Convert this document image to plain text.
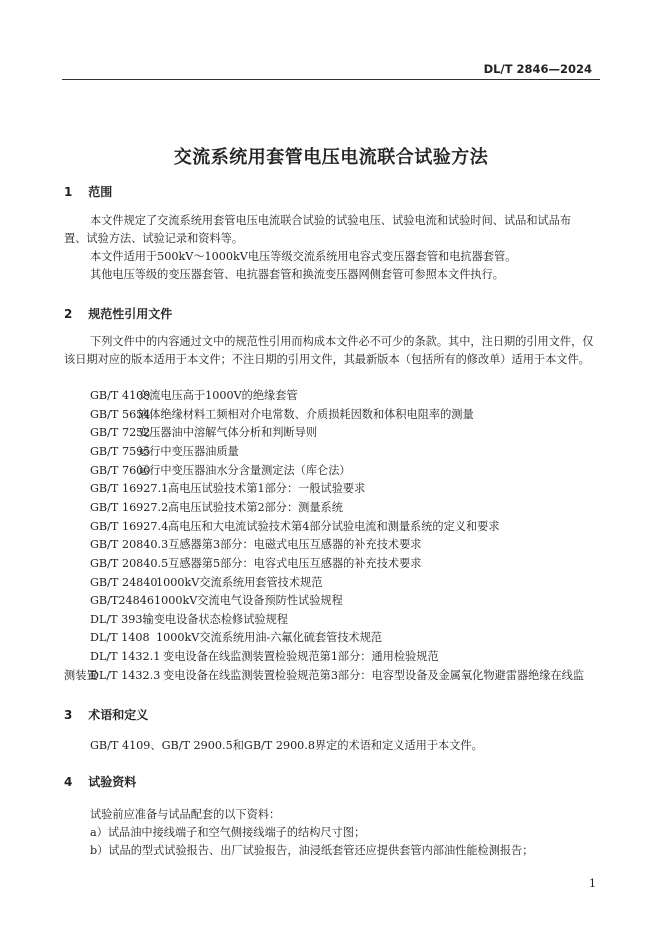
DL/T 2846—2024
交流系统用套管电压电流联合试验方法
1 范围
本文件规定了交流系统用套管电压电流联合试验的试验电压、试验电流和试验时间、试品和试品布
置、试验方法、试验记录和资料等。
本文件适用于500kV～1000kV电压等级交流系统用电容式变压器套管和电抗器套管。
其他电压等级的变压器套管、电抗器套管和换流变压器网侧套管可参照本文件执行。
2 规范性引用文件
下列文件中的内容通过文中的规范性引用而构成本文件必不可少的条款。其中，注日期的引用文件，仅该日期对应的版本适用于本文件；不注日期的引用文件，其最新版本（包括所有的修改单）适用于本文件。
GB/T 4109交流电压高于1000V的绝缘套管
GB/T 5654液体绝缘材料工频相对介电常数、介质损耗因数和体积电阻率的测量
GB/T 7252变压器油中溶解气体分析和判断导则
GB/T 7595运行中变压器油质量
GB/T 7600运行中变压器油水分含量测定法（库仑法）
GB/T 16927.1高电压试验技术第1部分：一般试验要求
GB/T 16927.2高电压试验技术第2部分：测量系统
GB/T 16927.4高电压和大电流试验技术第4部分试验电流和测量系统的定义和要求
GB/T 20840.3互感器第3部分：电磁式电压互感器的补充技术要求
GB/T 20840.5互感器第5部分：电容式电压互感器的补充技术要求
GB/T 248401000kV交流系统用套管技术规范
GB/T248461000kV交流电气设备预防性试验规程
DL/T 393输变电设备状态检修试验规程
DL/T 1408 1000kV交流系统用油-六氟化硫套管技术规范
DL/T 1432.1 变电设备在线监测装置检验规范第1部分：通用检验规范
DL/T 1432.3 变电设备在线监测装置检验规范第3部分：电容型设备及金属氧化物避雷器绝缘在线监
测装置
3 术语和定义
GB/T 4109、GB/T 2900.5和GB/T 2900.8界定的术语和定义适用于本文件。
4 试验资料
试验前应准备与试品配套的以下资料：
a）试品油中接线端子和空气侧接线端子的结构尺寸图；
b）试品的型式试验报告、出厂试验报告，油浸纸套管还应提供套管内部油性能检测报告；
1
